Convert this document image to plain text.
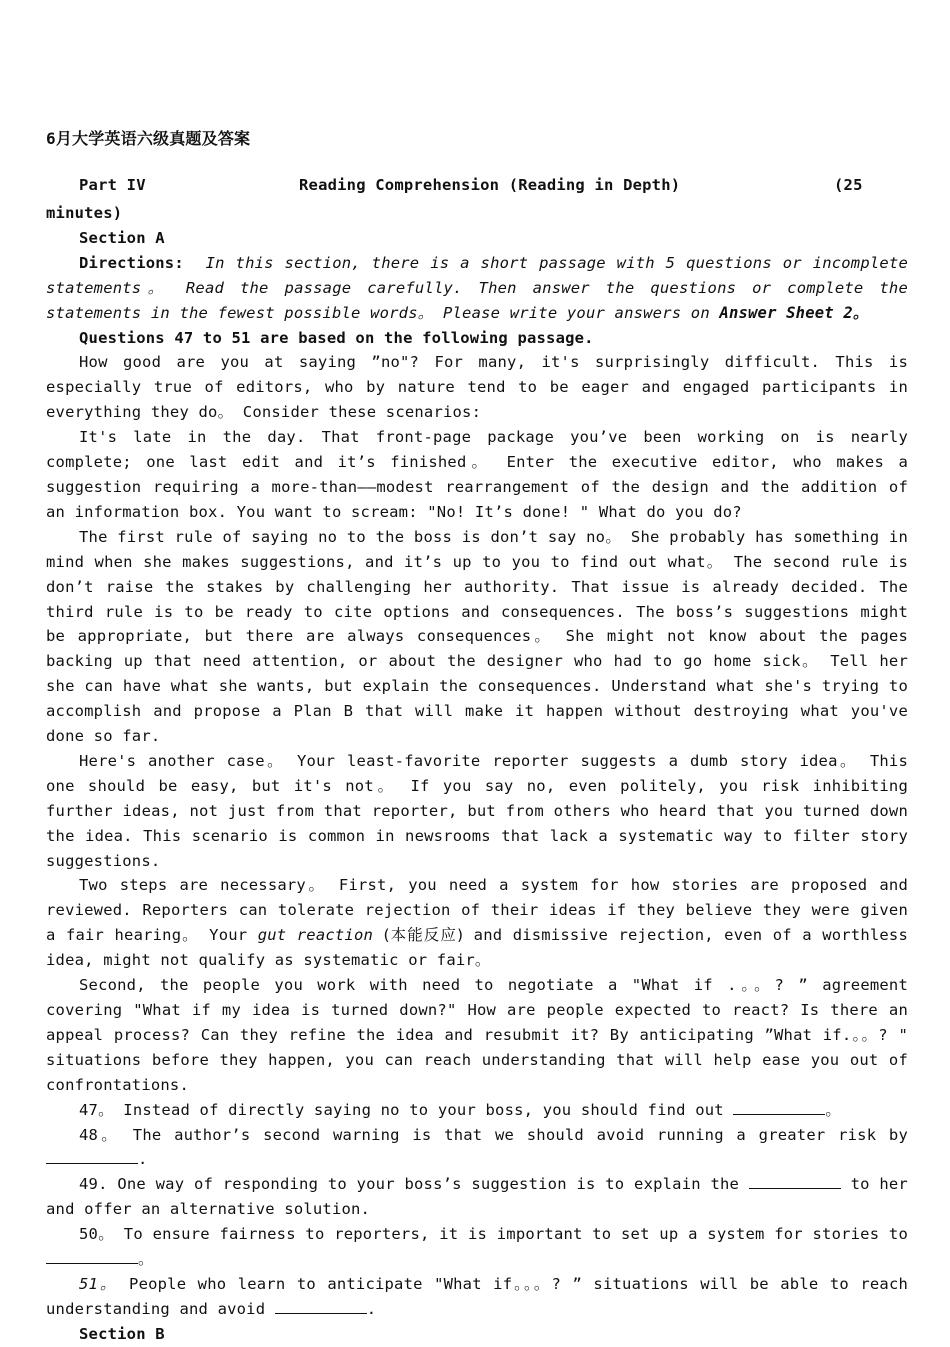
6月大学英语六级真题及答案
Part IV	Reading Comprehension (Reading in Depth)	(25

minutes)

Section A

Directions: In this section, there is a short passage with 5 questions or incomplete statements。 Read the passage carefully. Then answer the questions or complete the statements in the fewest possible words。 Please write your answers on Answer Sheet 2。

Questions 47 to 51 are based on the following passage.

How good are you at saying ”no"? For many, it's surprisingly difficult. This is especially true of editors, who by nature tend to be eager and engaged participants in everything they do。 Consider these scenarios:

It's late in the day. That front-page package you’ve been working on is nearly complete; one last edit and it’s finished。 Enter the executive editor, who makes a suggestion requiring a more-than——modest rearrangement of the design and the addition of an information box. You want to scream: "No! It’s done! " What do you do?

The first rule of saying no to the boss is don’t say no。 She probably has something in mind when she makes suggestions, and it’s up to you to find out what。 The second rule is don’t raise the stakes by challenging her authority. That issue is already decided. The third rule is to be ready to cite options and consequences. The boss’s suggestions might be appropriate, but there are always consequences。 She might not know about the pages backing up that need attention, or about the designer who had to go home sick。 Tell her she can have what she wants, but explain the consequences. Understand what she's trying to accomplish and propose a Plan B that will make it happen without destroying what you've done so far.

Here's another case。 Your least-favorite reporter suggests a dumb story idea。 This one should be easy, but it's not。 If you say no, even politely, you risk inhibiting further ideas, not just from that reporter, but from others who heard that you turned down the idea. This scenario is common in newsrooms that lack a systematic way to filter story suggestions.

Two steps are necessary。 First, you need a system for how stories are proposed and reviewed. Reporters can tolerate rejection of their ideas if they believe they were given a fair hearing。 Your gut reaction (本能反应) and dismissive rejection, even of a worthless idea, might not qualify as systematic or fair。

Second, the people you work with need to negotiate a "What if .。。? ” agreement covering "What if my idea is turned down?" How are people expected to react? Is there an appeal process? Can they refine the idea and resubmit it? By anticipating ”What if.。。? " situations before they happen, you can reach understanding that will help ease you out of confrontations.

47。 Instead of directly saying no to your boss, you should find out	。

48。 The author’s second warning is that we should avoid running a greater risk by .

49. One way of responding to your boss’s suggestion is to explain the	to her and offer an alternative solution.

50。 To ensure fairness to reporters, it is important to set up a system for stories to 。

51。 People who learn to anticipate "What if。。。? ” situations will be able to reach understanding and avoid	.

Section B
